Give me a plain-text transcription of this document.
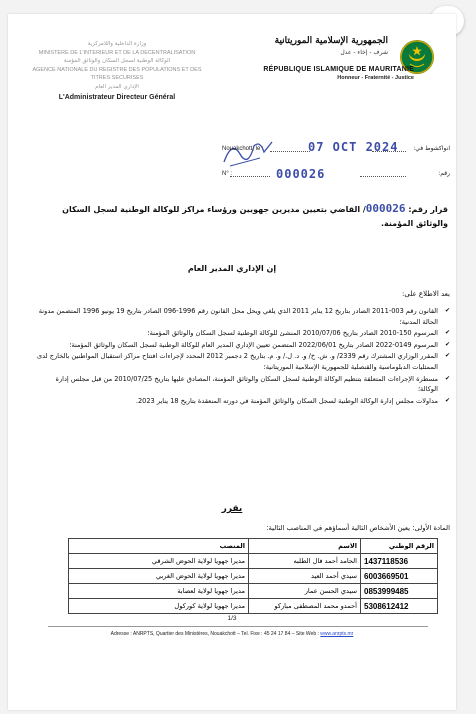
الجمهورية الإسلامية الموريتانية
شرف - إخاء - عدل
RÉPUBLIQUE ISLAMIQUE DE MAURITANIE
Honneur - Fraternité - Justice
وزارة الداخلية واللامركزية
MINISTERE DE L'INTERIEUR ET DE LA DECENTRALISATION
الوكالة الوطنية لسجل السكان والوثائق المؤمنة
AGENCE NATIONALE DU REGISTRE DES POPULATIONS ET DES TITRES SECURISES
الإداري المدير العام
L'Administrateur Directeur Général
Nouakchott, le :	07 OCT 2024	انواكشوط في:
N° :	000026	رقم:
قرار رقم: 000026/ القاضي بتعيين مديرين جهويين ورؤساء مراكز للوكالة الوطنية لسجل السكان والوثائق المؤمنة.
إن الإداري المدير العام
بعد الاطلاع على:
✔ القانون رقم 003-2011 الصادر بتاريخ 12 يناير 2011 الذي يلغي ويحل محل القانون رقم 1996-096 الصادر بتاريخ 19 يونيو 1996 المتضمن مدونة الحالة المدنية؛
✔ المرسوم 150-2010 الصادر بتاريخ 2010/07/06 المنشئ للوكالة الوطنية لسجل السكان والوثائق المؤمنة؛
✔ المرسوم 0149-2022 الصادر بتاريخ 2022/06/01 المتضمن تعيين الإداري المدير العام للوكالة الوطنية لسجل السكان والوثائق المؤمنة؛
✔ المقرر الوزاري المشترك رقم 2339/ و. ش. خ/ و. د. ل./ و. م. بتاريخ 2 دجمبر 2012 المحدد لإجراءات افتتاح مراكز استقبال المواطنين بالخارج لدى الممثليات الدبلوماسية والقنصلية للجمهورية الإسلامية الموريتانية؛
✔ مسطرة الإجراءات المتعلقة بتنظيم الوكالة الوطنية لسجل السكان والوثائق المؤمنة، المصادق عليها بتاريخ 2010/07/25 من قبل مجلس إدارة الوكالة؛
✔ مداولات مجلس إدارة الوكالة الوطنية لسجل السكان والوثائق المؤمنة في دورته المنعقدة بتاريخ 18 يناير 2023.
يقرر
المادة الأولى: يعين الأشخاص التالية أسماؤهم في المناصب التالية:
الرقم الوطني	الاسم	المنصب
1437118536	الحامد أحمد فال الطلبه	مديرا جهويا لولاية الحوض الشرقي
6003669501	سيدي أحمد العيد	مديرا جهويا لولاية الحوض الغربي
0853999485	سيدي الحسن عمار	مديرا جهويا لولاية لعصابة
5308612412	أحمدو محمد المصطفى مباركو	مديرا جهويا لولاية كوركول
1/3
Adresse : ANRPTS, Quartier des Ministères, Nouakchott – Tel. Fixe : 45 24 17 84 – Site Web : www.anrpts.mr
